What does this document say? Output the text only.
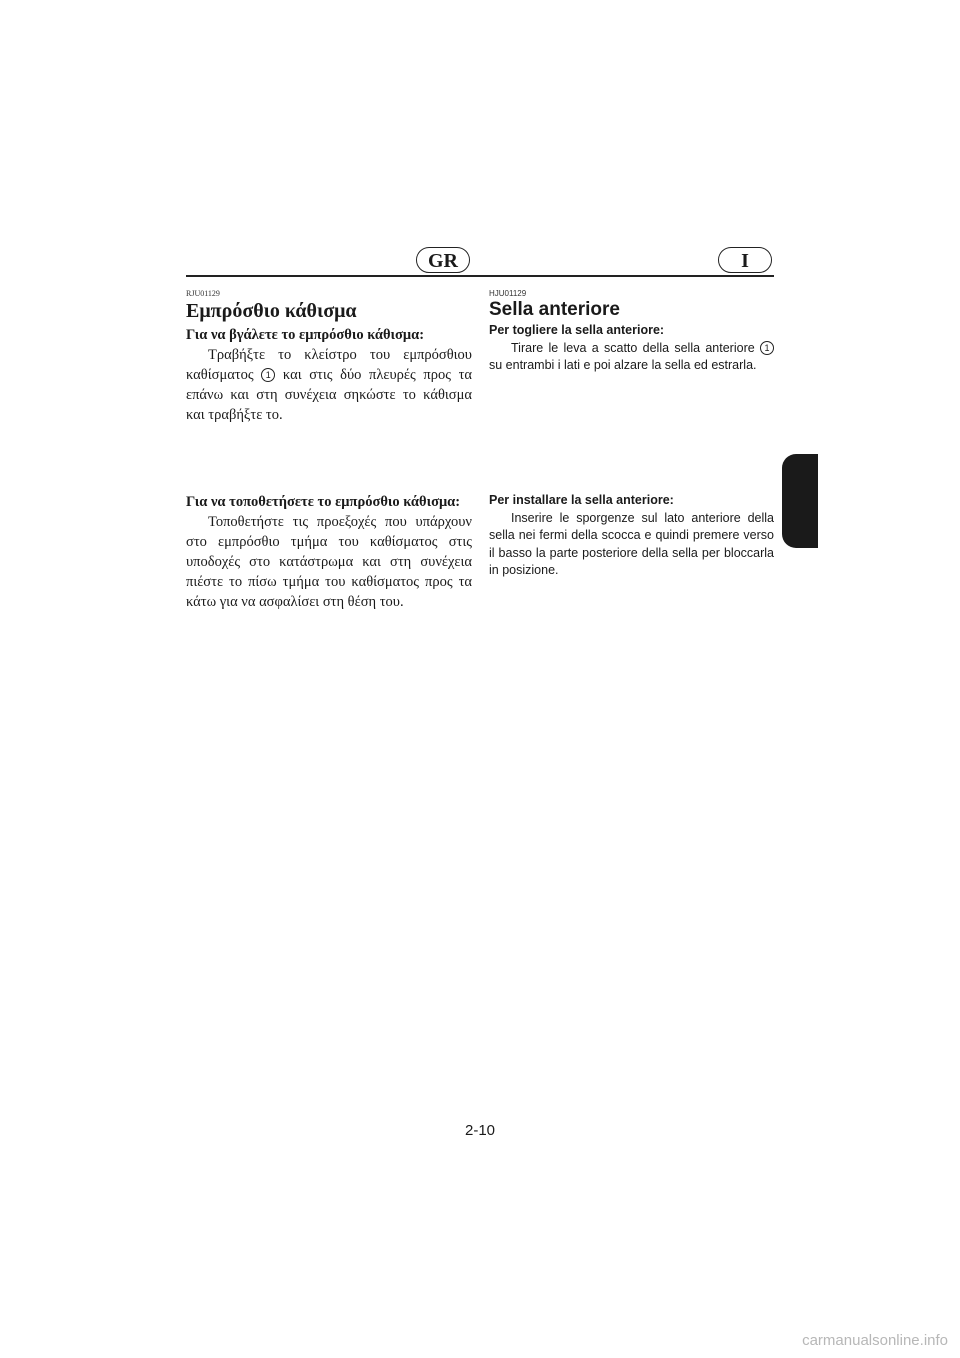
GR	I
RJU01129
Εμπρόσθιο κάθισμα
Για να βγάλετε το εμπρόσθιο κάθισμα:
Τραβήξτε το κλείστρο του εμπρόσθιου καθίσματος 1 και στις δύο πλευρές προς τα επάνω και στη συνέχεια σηκώστε το κάθισμα και τραβήξτε το.
Για να τοποθετήσετε το εμπρόσθιο κάθισμα:
Τοποθετήστε τις προεξοχές που υπάρχουν στο εμπρόσθιο τμήμα του καθίσματος στις υποδοχές στο κατάστρωμα και στη συνέχεια πιέστε το πίσω τμήμα του καθίσματος προς τα κάτω για να ασφαλίσει στη θέση του.
HJU01129
Sella anteriore
Per togliere la sella anteriore:
Tirare le leva a scatto della sella anteriore 1 su entrambi i lati e poi alzare la sella ed estrarla.
Per installare la sella anteriore:
Inserire le sporgenze sul lato anteriore della sella nei fermi della scocca e quindi premere verso il basso la parte posteriore della sella per bloccarla in posizione.
2-10
carmanualsonline.info
